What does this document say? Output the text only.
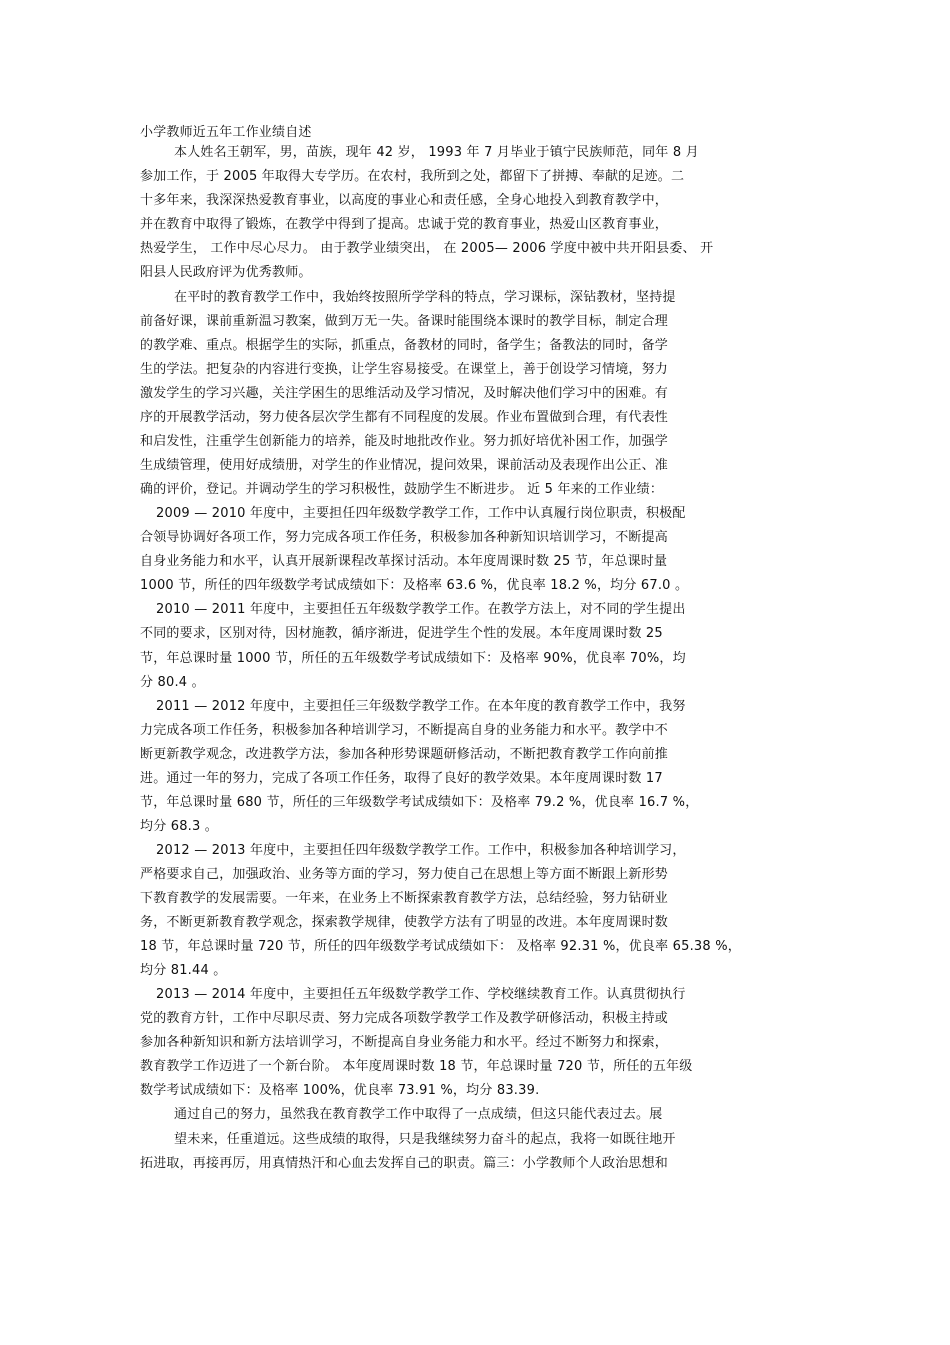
小学教师近五年工作业绩自述
本人姓名王朝军，男，苗族，现年 42 岁， 1993 年 7 月毕业于镇宁民族师范，同年 8 月
参加工作，于 2005 年取得大专学历。在农村，我所到之处，都留下了拼搏、奉献的足迹。二
十多年来，我深深热爱教育事业，以高度的事业心和责任感，全身心地投入到教育教学中，
并在教育中取得了锻炼，在教学中得到了提高。忠诚于党的教育事业，热爱山区教育事业，
热爱学生， 工作中尽心尽力。 由于教学业绩突出， 在 2005— 2006 学度中被中共开阳县委、 开
阳县人民政府评为优秀教师。
在平时的教育教学工作中，我始终按照所学学科的特点，学习课标，深钻教材，坚持提
前备好课，课前重新温习教案，做到万无一失。备课时能围绕本课时的教学目标，制定合理
的教学难、重点。根据学生的实际，抓重点，备教材的同时，备学生；备教法的同时，备学
生的学法。把复杂的内容进行变换，让学生容易接受。在课堂上，善于创设学习情境，努力
激发学生的学习兴趣，关注学困生的思维活动及学习情况，及时解决他们学习中的困难。有
序的开展教学活动，努力使各层次学生都有不同程度的发展。作业布置做到合理，有代表性
和启发性，注重学生创新能力的培养，能及时地批改作业。努力抓好培优补困工作，加强学
生成绩管理，使用好成绩册，对学生的作业情况，提问效果，课前活动及表现作出公正、准
确的评价，登记。并调动学生的学习积极性，鼓励学生不断进步。 近 5 年来的工作业绩：
2009 — 2010 年度中，主要担任四年级数学教学工作，工作中认真履行岗位职责，积极配
合领导协调好各项工作，努力完成各项工作任务，积极参加各种新知识培训学习，不断提高
自身业务能力和水平，认真开展新课程改革探讨活动。本年度周课时数 25 节，年总课时量
1000 节，所任的四年级数学考试成绩如下：及格率 63.6 %，优良率 18.2 %，均分 67.0 。
2010 — 2011 年度中，主要担任五年级数学教学工作。在教学方法上，对不同的学生提出
不同的要求，区别对待，因材施教，循序渐进，促进学生个性的发展。本年度周课时数 25
节，年总课时量 1000 节，所任的五年级数学考试成绩如下：及格率 90%，优良率 70%，均
分 80.4 。
2011 — 2012 年度中，主要担任三年级数学教学工作。在本年度的教育教学工作中，我努
力完成各项工作任务，积极参加各种培训学习，不断提高自身的业务能力和水平。教学中不
断更新教学观念，改进教学方法，参加各种形势课题研修活动，不断把教育教学工作向前推
进。通过一年的努力，完成了各项工作任务，取得了良好的教学效果。本年度周课时数 17
节，年总课时量 680 节，所任的三年级数学考试成绩如下：及格率 79.2 %，优良率 16.7 %，
均分 68.3 。
2012 — 2013 年度中，主要担任四年级数学教学工作。工作中，积极参加各种培训学习，
严格要求自己，加强政治、业务等方面的学习，努力使自己在思想上等方面不断跟上新形势
下教育教学的发展需要。一年来，在业务上不断探索教育教学方法，总结经验，努力钻研业
务，不断更新教育教学观念，探索教学规律，使教学方法有了明显的改进。本年度周课时数
18 节，年总课时量 720 节，所任的四年级数学考试成绩如下： 及格率 92.31 %，优良率 65.38 %，
均分 81.44 。
2013 — 2014 年度中，主要担任五年级数学教学工作、学校继续教育工作。认真贯彻执行
党的教育方针，工作中尽职尽责、努力完成各项数学教学工作及教学研修活动，积极主持或
参加各种新知识和新方法培训学习，不断提高自身业务能力和水平。经过不断努力和探索，
教育教学工作迈进了一个新台阶。 本年度周课时数 18 节，年总课时量 720 节，所任的五年级
数学考试成绩如下：及格率 100%，优良率 73.91 %，均分 83.39.
通过自己的努力，虽然我在教育教学工作中取得了一点成绩，但这只能代表过去。展
望未来，任重道远。这些成绩的取得，只是我继续努力奋斗的起点，我将一如既往地开
拓进取，再接再厉，用真情热汗和心血去发挥自己的职责。篇三：小学教师个人政治思想和
